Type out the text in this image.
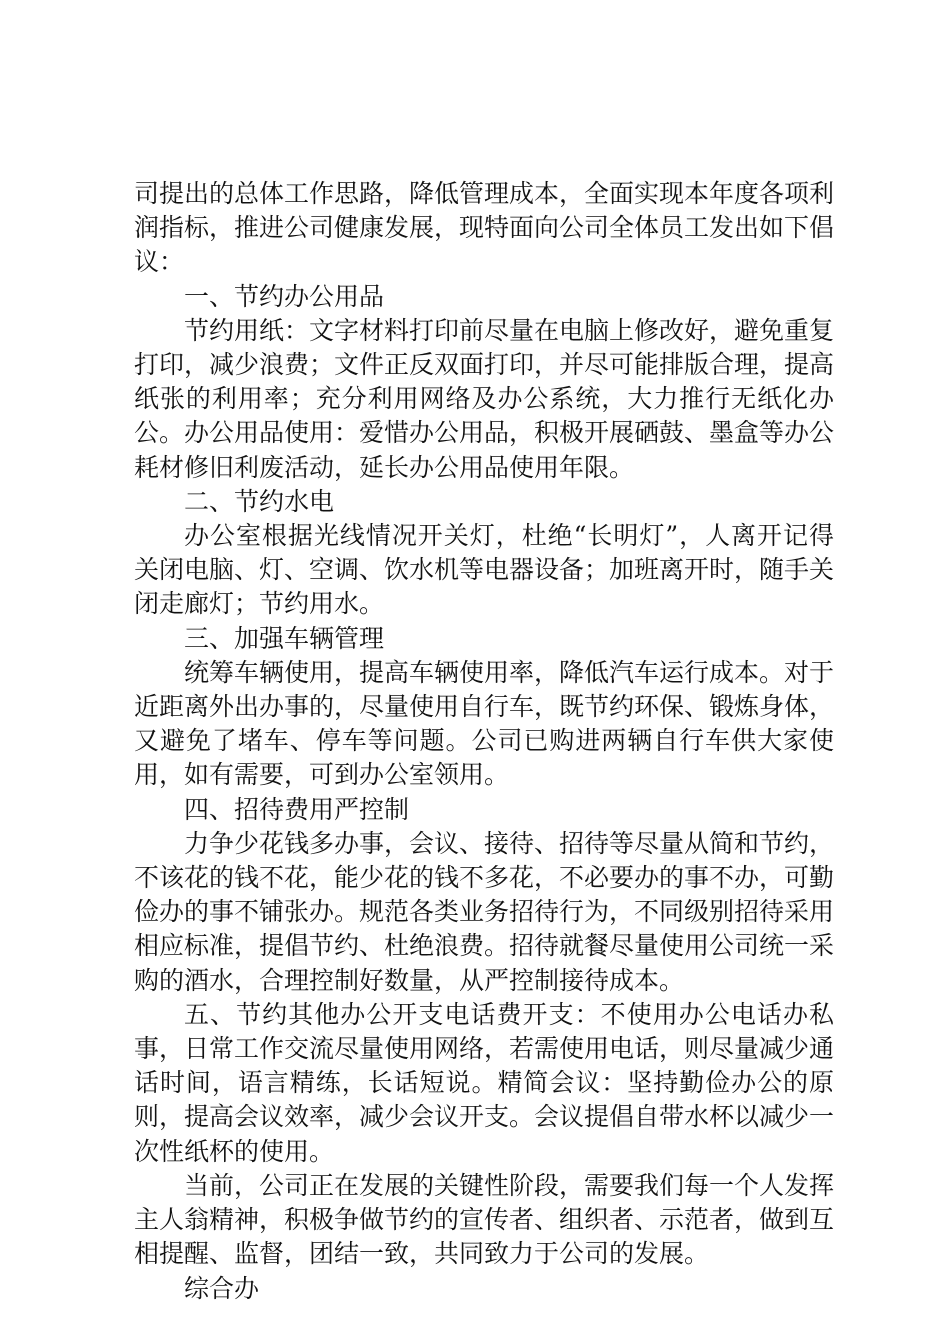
司提出的总体工作思路，降低管理成本，全面实现本年度各项利润指标，推进公司健康发展，现特面向公司全体员工发出如下倡议：

一、节约办公用品

节约用纸：文字材料打印前尽量在电脑上修改好，避免重复打印，减少浪费；文件正反双面打印，并尽可能排版合理，提高纸张的利用率；充分利用网络及办公系统，大力推行无纸化办公。办公用品使用：爱惜办公用品，积极开展硒鼓、墨盒等办公耗材修旧利废活动，延长办公用品使用年限。

二、节约水电

办公室根据光线情况开关灯，杜绝“长明灯”，人离开记得关闭电脑、灯、空调、饮水机等电器设备；加班离开时，随手关闭走廊灯；节约用水。

三、加强车辆管理

统筹车辆使用，提高车辆使用率，降低汽车运行成本。对于近距离外出办事的，尽量使用自行车，既节约环保、锻炼身体，又避免了堵车、停车等问题。公司已购进两辆自行车供大家使用，如有需要，可到办公室领用。

四、招待费用严控制

力争少花钱多办事，会议、接待、招待等尽量从简和节约，不该花的钱不花，能少花的钱不多花，不必要办的事不办，可勤俭办的事不铺张办。规范各类业务招待行为，不同级别招待采用相应标准，提倡节约、杜绝浪费。招待就餐尽量使用公司统一采购的酒水，合理控制好数量，从严控制接待成本。

五、节约其他办公开支电话费开支：不使用办公电话办私事，日常工作交流尽量使用网络，若需使用电话，则尽量减少通话时间，语言精练，长话短说。精简会议：坚持勤俭办公的原则，提高会议效率，减少会议开支。会议提倡自带水杯以减少一次性纸杯的使用。

当前，公司正在发展的关键性阶段，需要我们每一个人发挥主人翁精神，积极争做节约的宣传者、组织者、示范者，做到互相提醒、监督，团结一致，共同致力于公司的发展。

综合办
